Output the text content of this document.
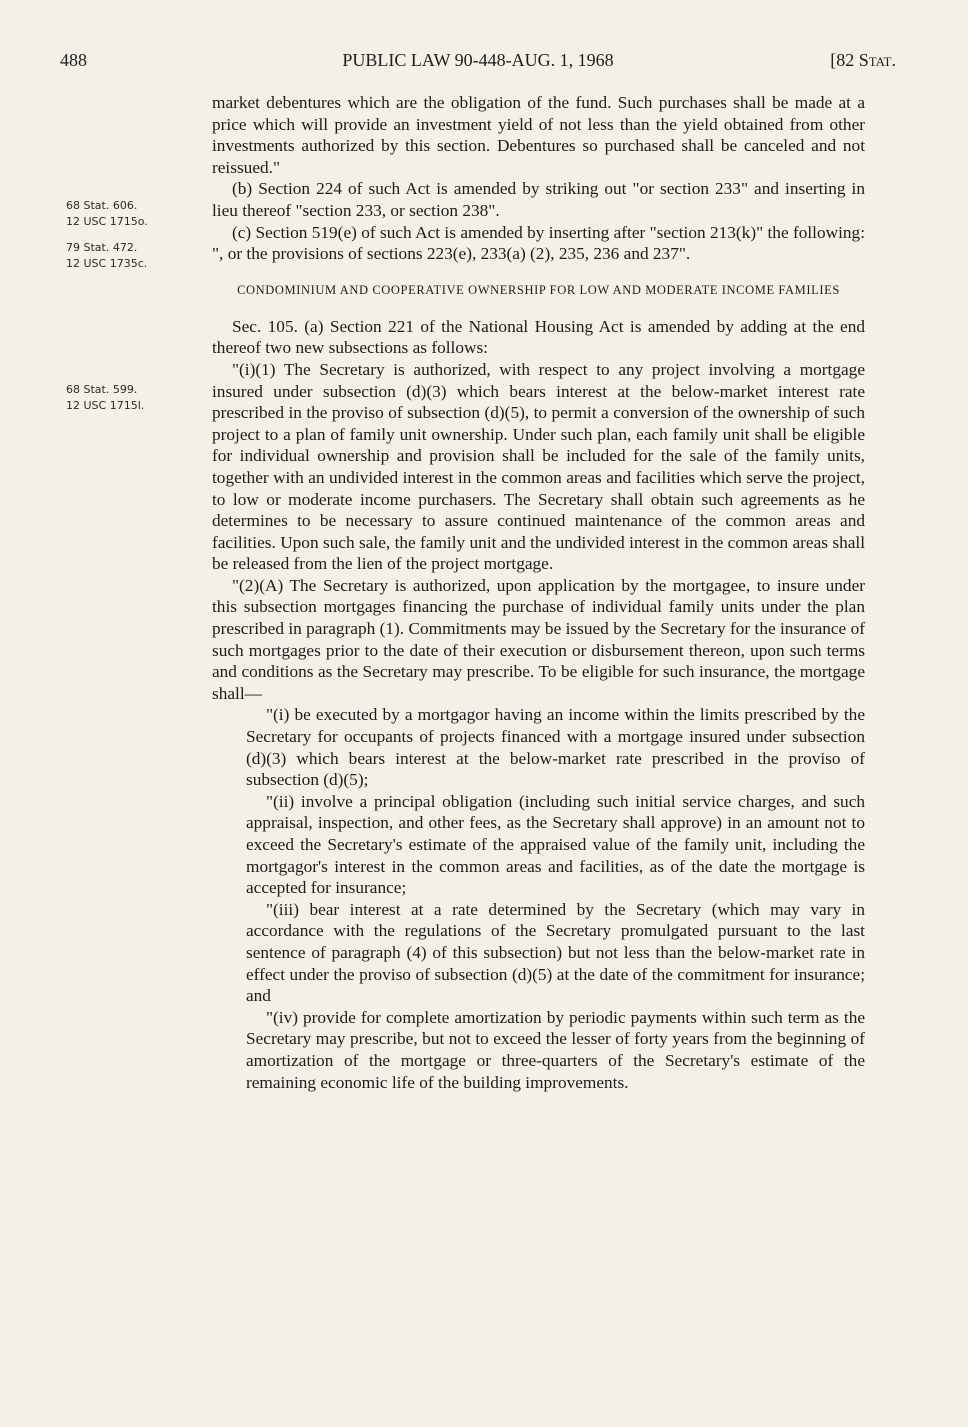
488	PUBLIC LAW 90-448-AUG. 1, 1968	[82 Stat.
68 Stat. 606.
12 USC 1715o.
79 Stat. 472.
12 USC 1735c.
68 Stat. 599.
12 USC 1715l.

market debentures which are the obligation of the fund. Such purchases shall be made at a price which will provide an investment yield of not less than the yield obtained from other investments authorized by this section. Debentures so purchased shall be canceled and not reissued."

(b) Section 224 of such Act is amended by striking out "or section 233" and inserting in lieu thereof "section 233, or section 238".

(c) Section 519(e) of such Act is amended by inserting after "section 213(k)" the following: ", or the provisions of sections 223(e), 233(a) (2), 235, 236 and 237".

CONDOMINIUM AND COOPERATIVE OWNERSHIP FOR LOW AND MODERATE INCOME FAMILIES

Sec. 105. (a) Section 221 of the National Housing Act is amended by adding at the end thereof two new subsections as follows:

"(i)(1) The Secretary is authorized, with respect to any project involving a mortgage insured under subsection (d)(3) which bears interest at the below-market interest rate prescribed in the proviso of subsection (d)(5), to permit a conversion of the ownership of such project to a plan of family unit ownership. Under such plan, each family unit shall be eligible for individual ownership and provision shall be included for the sale of the family units, together with an undivided interest in the common areas and facilities which serve the project, to low or moderate income purchasers. The Secretary shall obtain such agreements as he determines to be necessary to assure continued maintenance of the common areas and facilities. Upon such sale, the family unit and the undivided interest in the common areas shall be released from the lien of the project mortgage.

"(2)(A) The Secretary is authorized, upon application by the mortgagee, to insure under this subsection mortgages financing the purchase of individual family units under the plan prescribed in paragraph (1). Commitments may be issued by the Secretary for the insurance of such mortgages prior to the date of their execution or disbursement thereon, upon such terms and conditions as the Secretary may prescribe. To be eligible for such insurance, the mortgage shall—

"(i) be executed by a mortgagor having an income within the limits prescribed by the Secretary for occupants of projects financed with a mortgage insured under subsection (d)(3) which bears interest at the below-market rate prescribed in the proviso of subsection (d)(5);

"(ii) involve a principal obligation (including such initial service charges, and such appraisal, inspection, and other fees, as the Secretary shall approve) in an amount not to exceed the Secretary's estimate of the appraised value of the family unit, including the mortgagor's interest in the common areas and facilities, as of the date the mortgage is accepted for insurance;

"(iii) bear interest at a rate determined by the Secretary (which may vary in accordance with the regulations of the Secretary promulgated pursuant to the last sentence of paragraph (4) of this subsection) but not less than the below-market rate in effect under the proviso of subsection (d)(5) at the date of the commitment for insurance; and

"(iv) provide for complete amortization by periodic payments within such term as the Secretary may prescribe, but not to exceed the lesser of forty years from the beginning of amortization of the mortgage or three-quarters of the Secretary's estimate of the remaining economic life of the building improvements.
